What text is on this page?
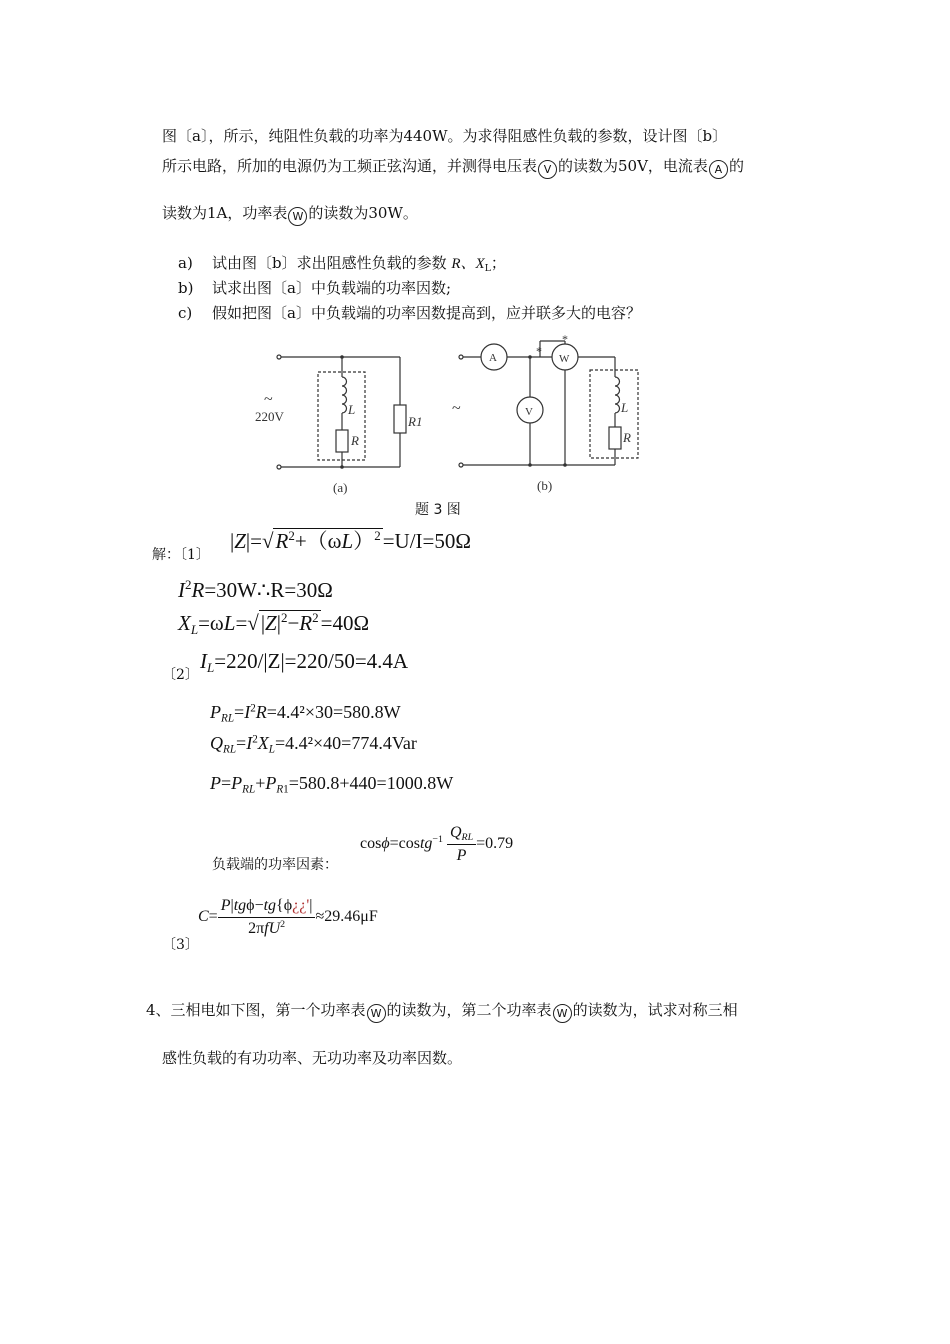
图〔a〕，所示，纯阻性负载的功率为440W。为求得阻感性负载的参数，设计图〔b〕
所示电路，所加的电源仍为工频正弦沟通，并测得电压表 V 的读数为50V，电流表 A 的
读数为1A，功率表 W 的读数为30W。
a) 试由图〔b〕求出阻感性负载的参数 R、$X_L$；
b) 试求出图〔a〕中负载端的功率因数;
c) 假如把图〔a〕中负载端的功率因数提高到，应并联多大的电容？
~
220V	L
R
R1
(a)
~
A	W
V
*
*
L
R
(b)
题 3 图
解：〔1〕
$|Z|=√R^2+(\omega L)^2=U/I=50\Omega$
$I^2R=30W\therefore R=30\Omega$
$X_L=\omega L=√|Z|^2-R^2=40\Omega$
〔2〕
$I_L=220/|Z|=220/50=4.4A$
$P_{RL}=I^2R=4.4^2\times 30=580.8W$
$Q_{RL}=I^2X_L=4.4^2\times 40=774.4Var$
$P=P_{RL}+P_{R1}=580.8+440=1000.8W$
负载端的功率因素：
cosϕ=costg$^{-1}$ $\frac{Q_{RL}}{P} =0.79$
〔3〕
$C= \frac{\text{P|tgϕ−tg\{ϕ¿¿'|}}{2\pi fU^2} \approx 29.46\mu F$
4、三相电如下图，第一个功率表 W 的读数为，第二个功率表 W 的读数为，试求对称三相
感性负载的有功功率、无功功率及功率因数。
